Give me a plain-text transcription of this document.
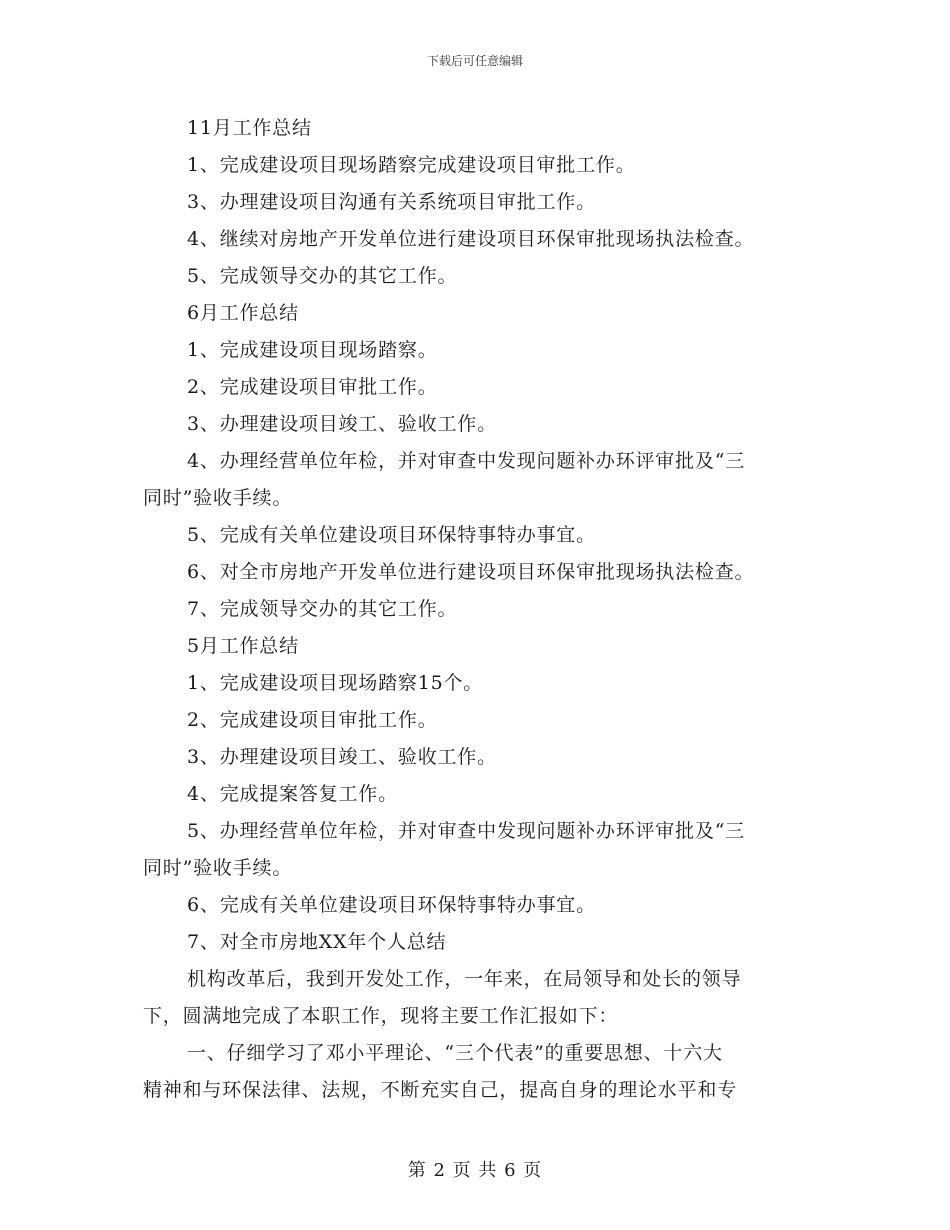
下载后可任意编辑
11月工作总结
1、完成建设项目现场踏察完成建设项目审批工作。
3、办理建设项目沟通有关系统项目审批工作。
4、继续对房地产开发单位进行建设项目环保审批现场执法检查。
5、完成领导交办的其它工作。
6月工作总结
1、完成建设项目现场踏察。
2、完成建设项目审批工作。
3、办理建设项目竣工、验收工作。
4、办理经营单位年检，并对审查中发现问题补办环评审批及“三
同时”验收手续。
5、完成有关单位建设项目环保特事特办事宜。
6、对全市房地产开发单位进行建设项目环保审批现场执法检查。
7、完成领导交办的其它工作。
5月工作总结
1、完成建设项目现场踏察15个。
2、完成建设项目审批工作。
3、办理建设项目竣工、验收工作。
4、完成提案答复工作。
5、办理经营单位年检，并对审查中发现问题补办环评审批及“三
同时”验收手续。
6、完成有关单位建设项目环保特事特办事宜。
7、对全市房地XX年个人总结
机构改革后，我到开发处工作，一年来，在局领导和处长的领导
下，圆满地完成了本职工作，现将主要工作汇报如下：
一、仔细学习了邓小平理论、“三个代表”的重要思想、十六大
精神和与环保法律、法规，不断充实自己，提高自身的理论水平和专
第 2 页 共 6 页
